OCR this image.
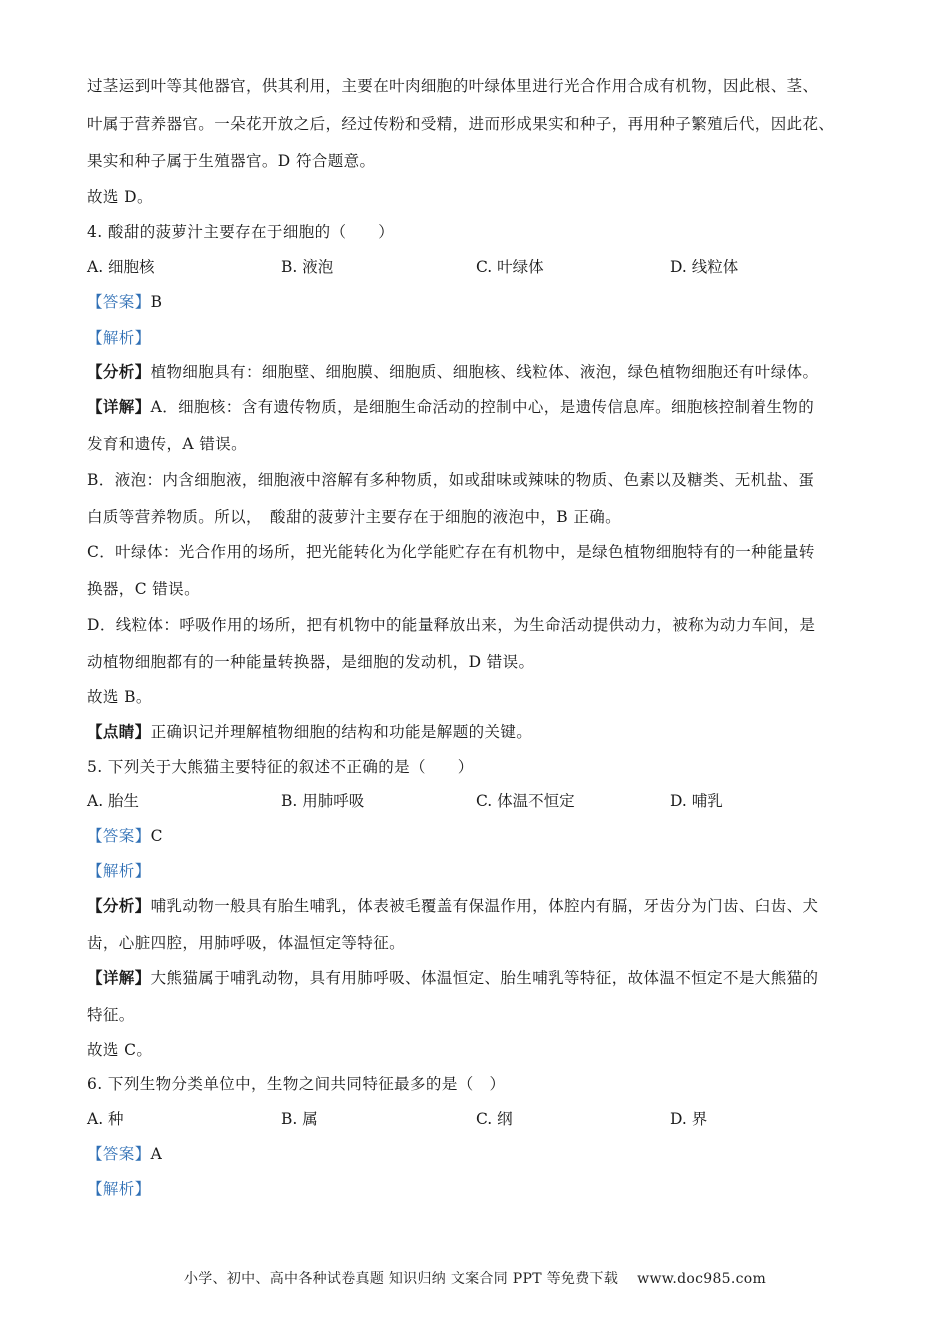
过茎运到叶等其他器官，供其利用，主要在叶肉细胞的叶绿体里进行光合作用合成有机物，因此根、茎、
叶属于营养器官。一朵花开放之后，经过传粉和受精，进而形成果实和种子，再用种子繁殖后代，因此花、
果实和种子属于生殖器官。D 符合题意。
故选 D。
4. 酸甜的菠萝汁主要存在于细胞的（　　）
A. 细胞核	B. 液泡	C. 叶绿体	D. 线粒体
【答案】B
【解析】
【分析】植物细胞具有：细胞壁、细胞膜、细胞质、细胞核、线粒体、液泡，绿色植物细胞还有叶绿体。
【详解】A．细胞核：含有遗传物质，是细胞生命活动的控制中心，是遗传信息库。细胞核控制着生物的
发育和遗传，A 错误。
B．液泡：内含细胞液，细胞液中溶解有多种物质，如或甜味或辣味的物质、色素以及糖类、无机盐、蛋
白质等营养物质。所以，　酸甜的菠萝汁主要存在于细胞的液泡中，B 正确。
C．叶绿体：光合作用的场所，把光能转化为化学能贮存在有机物中，是绿色植物细胞特有的一种能量转
换器，C 错误。
D．线粒体：呼吸作用的场所，把有机物中的能量释放出来，为生命活动提供动力，被称为动力车间，是
动植物细胞都有的一种能量转换器，是细胞的发动机，D 错误。
故选 B。
【点睛】正确识记并理解植物细胞的结构和功能是解题的关键。
5. 下列关于大熊猫主要特征的叙述不正确的是（　　）
A. 胎生	B. 用肺呼吸	C. 体温不恒定	D. 哺乳
【答案】C
【解析】
【分析】哺乳动物一般具有胎生哺乳，体表被毛覆盖有保温作用，体腔内有膈，牙齿分为门齿、臼齿、犬
齿，心脏四腔，用肺呼吸，体温恒定等特征。
【详解】大熊猫属于哺乳动物，具有用肺呼吸、体温恒定、胎生哺乳等特征，故体温不恒定不是大熊猫的
特征。
故选 C。
6. 下列生物分类单位中，生物之间共同特征最多的是（　）
A. 种	B. 属	C. 纲	D. 界
【答案】A
【解析】
小学、初中、高中各种试卷真题 知识归纳 文案合同 PPT 等免费下载　 www.doc985.com
